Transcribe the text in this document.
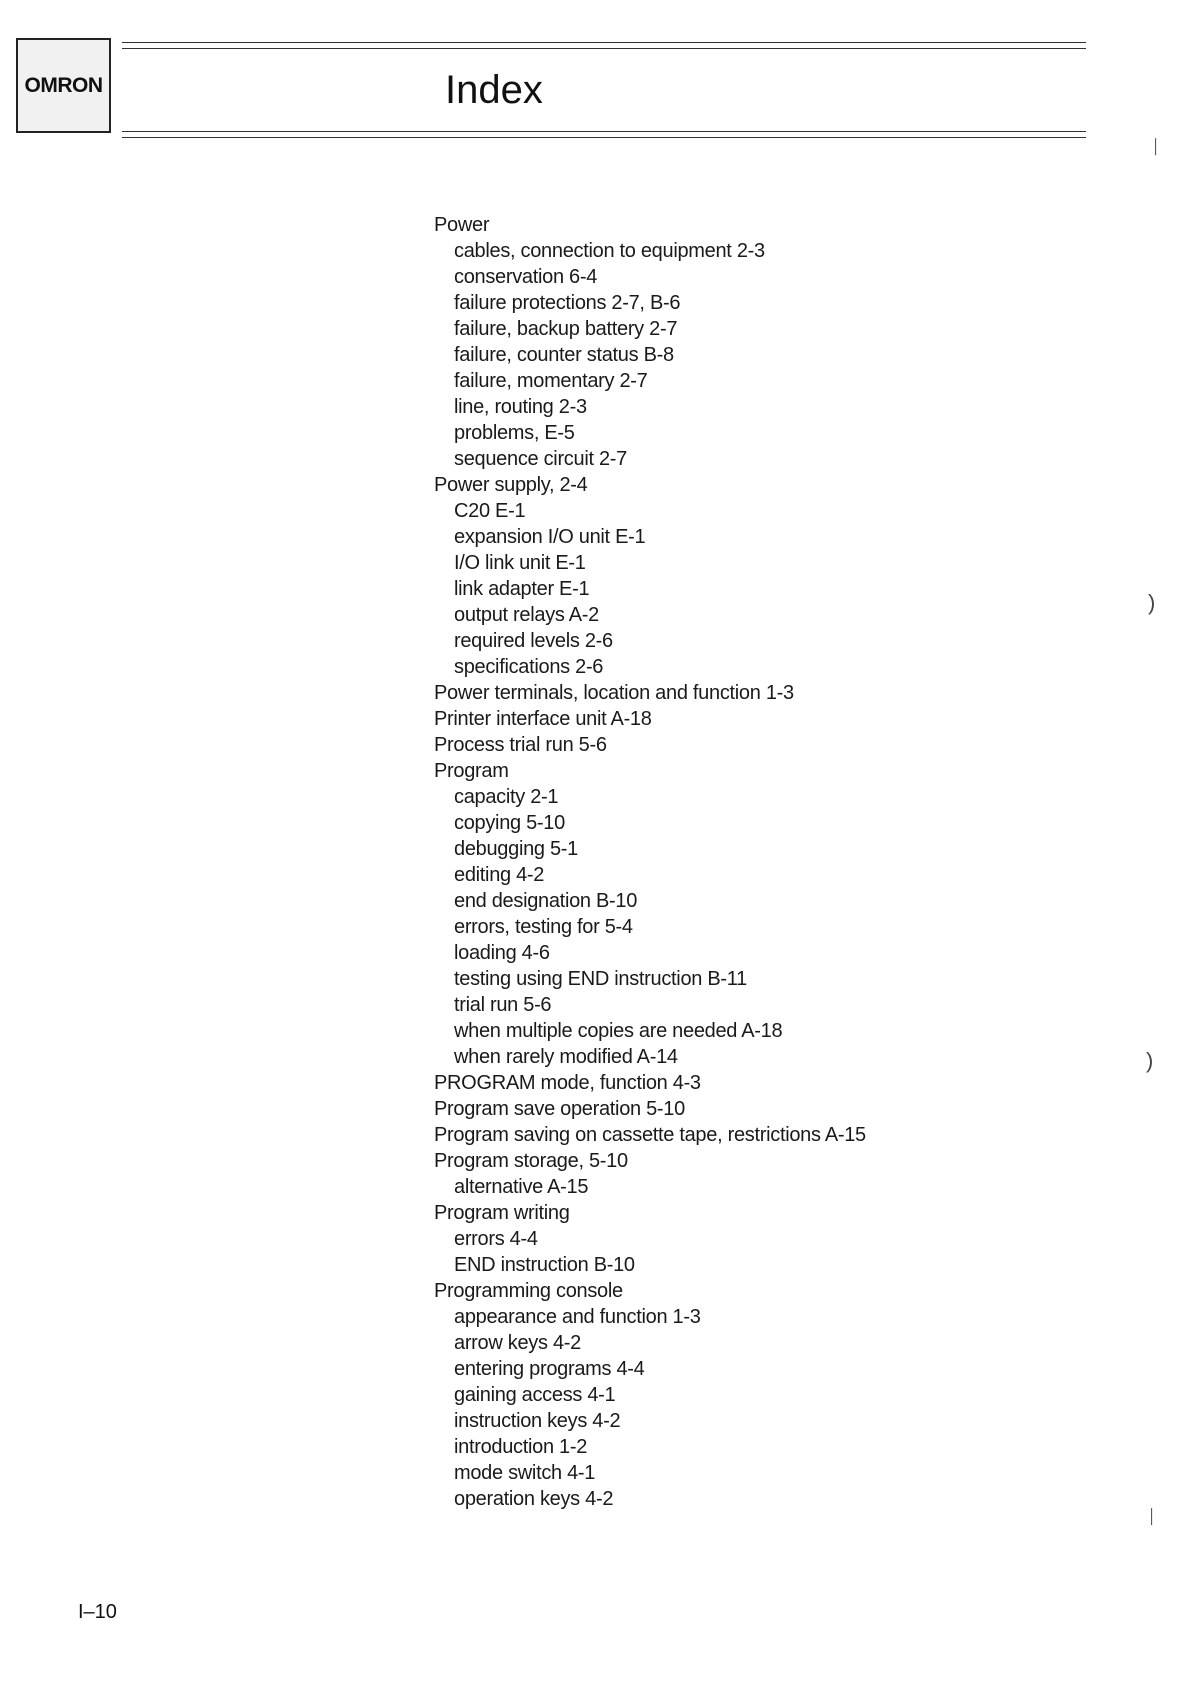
OMRON	Index
Power
cables, connection to equipment 2-3
conservation 6-4
failure protections 2-7, B-6
failure, backup battery 2-7
failure, counter status B-8
failure, momentary 2-7
line, routing 2-3
problems, E-5
sequence circuit 2-7
Power supply, 2-4
C20 E-1
expansion I/O unit E-1
I/O link unit E-1
link adapter E-1
output relays A-2
required levels 2-6
specifications 2-6
Power terminals, location and function 1-3
Printer interface unit A-18
Process trial run 5-6
Program
capacity 2-1
copying 5-10
debugging 5-1
editing 4-2
end designation B-10
errors, testing for 5-4
loading 4-6
testing using END instruction B-11
trial run 5-6
when multiple copies are needed A-18
when rarely modified A-14
PROGRAM mode, function 4-3
Program save operation 5-10
Program saving on cassette tape, restrictions A-15
Program storage, 5-10
alternative A-15
Program writing
errors 4-4
END instruction B-10
Programming console
appearance and function 1-3
arrow keys 4-2
entering programs 4-4
gaining access 4-1
instruction keys 4-2
introduction 1-2
mode switch 4-1
operation keys 4-2
I–10
│
)
)
│
